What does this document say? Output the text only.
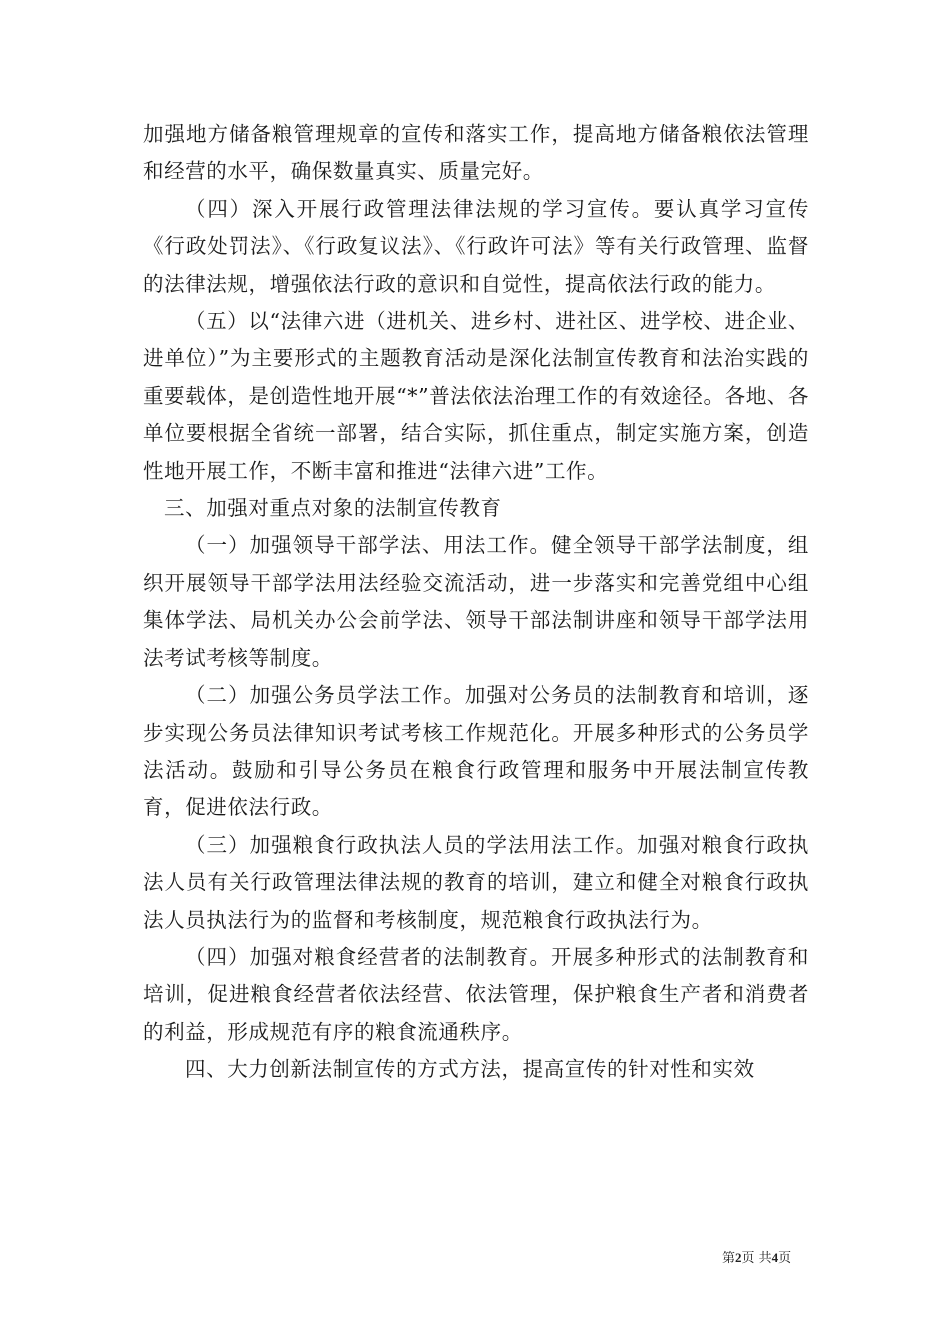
加强地方储备粮管理规章的宣传和落实工作，提高地方储备粮依法管理和经营的水平，确保数量真实、质量完好。

（四）深入开展行政管理法律法规的学习宣传。要认真学习宣传《行政处罚法》、《行政复议法》、《行政许可法》等有关行政管理、监督的法律法规，增强依法行政的意识和自觉性，提高依法行政的能力。

（五）以“法律六进（进机关、进乡村、进社区、进学校、进企业、进单位）”为主要形式的主题教育活动是深化法制宣传教育和法治实践的重要载体，是创造性地开展“*”普法依法治理工作的有效途径。各地、各单位要根据全省统一部署，结合实际，抓住重点，制定实施方案，创造性地开展工作，不断丰富和推进“法律六进”工作。

三、加强对重点对象的法制宣传教育

（一）加强领导干部学法、用法工作。健全领导干部学法制度，组织开展领导干部学法用法经验交流活动，进一步落实和完善党组中心组集体学法、局机关办公会前学法、领导干部法制讲座和领导干部学法用法考试考核等制度。

（二）加强公务员学法工作。加强对公务员的法制教育和培训，逐步实现公务员法律知识考试考核工作规范化。开展多种形式的公务员学法活动。鼓励和引导公务员在粮食行政管理和服务中开展法制宣传教育，促进依法行政。

（三）加强粮食行政执法人员的学法用法工作。加强对粮食行政执法人员有关行政管理法律法规的教育的培训，建立和健全对粮食行政执法人员执法行为的监督和考核制度，规范粮食行政执法行为。

（四）加强对粮食经营者的法制教育。开展多种形式的法制教育和培训，促进粮食经营者依法经营、依法管理，保护粮食生产者和消费者的利益，形成规范有序的粮食流通秩序。

四、大力创新法制宣传的方式方法，提高宣传的针对性和实效

第2页 共4页
